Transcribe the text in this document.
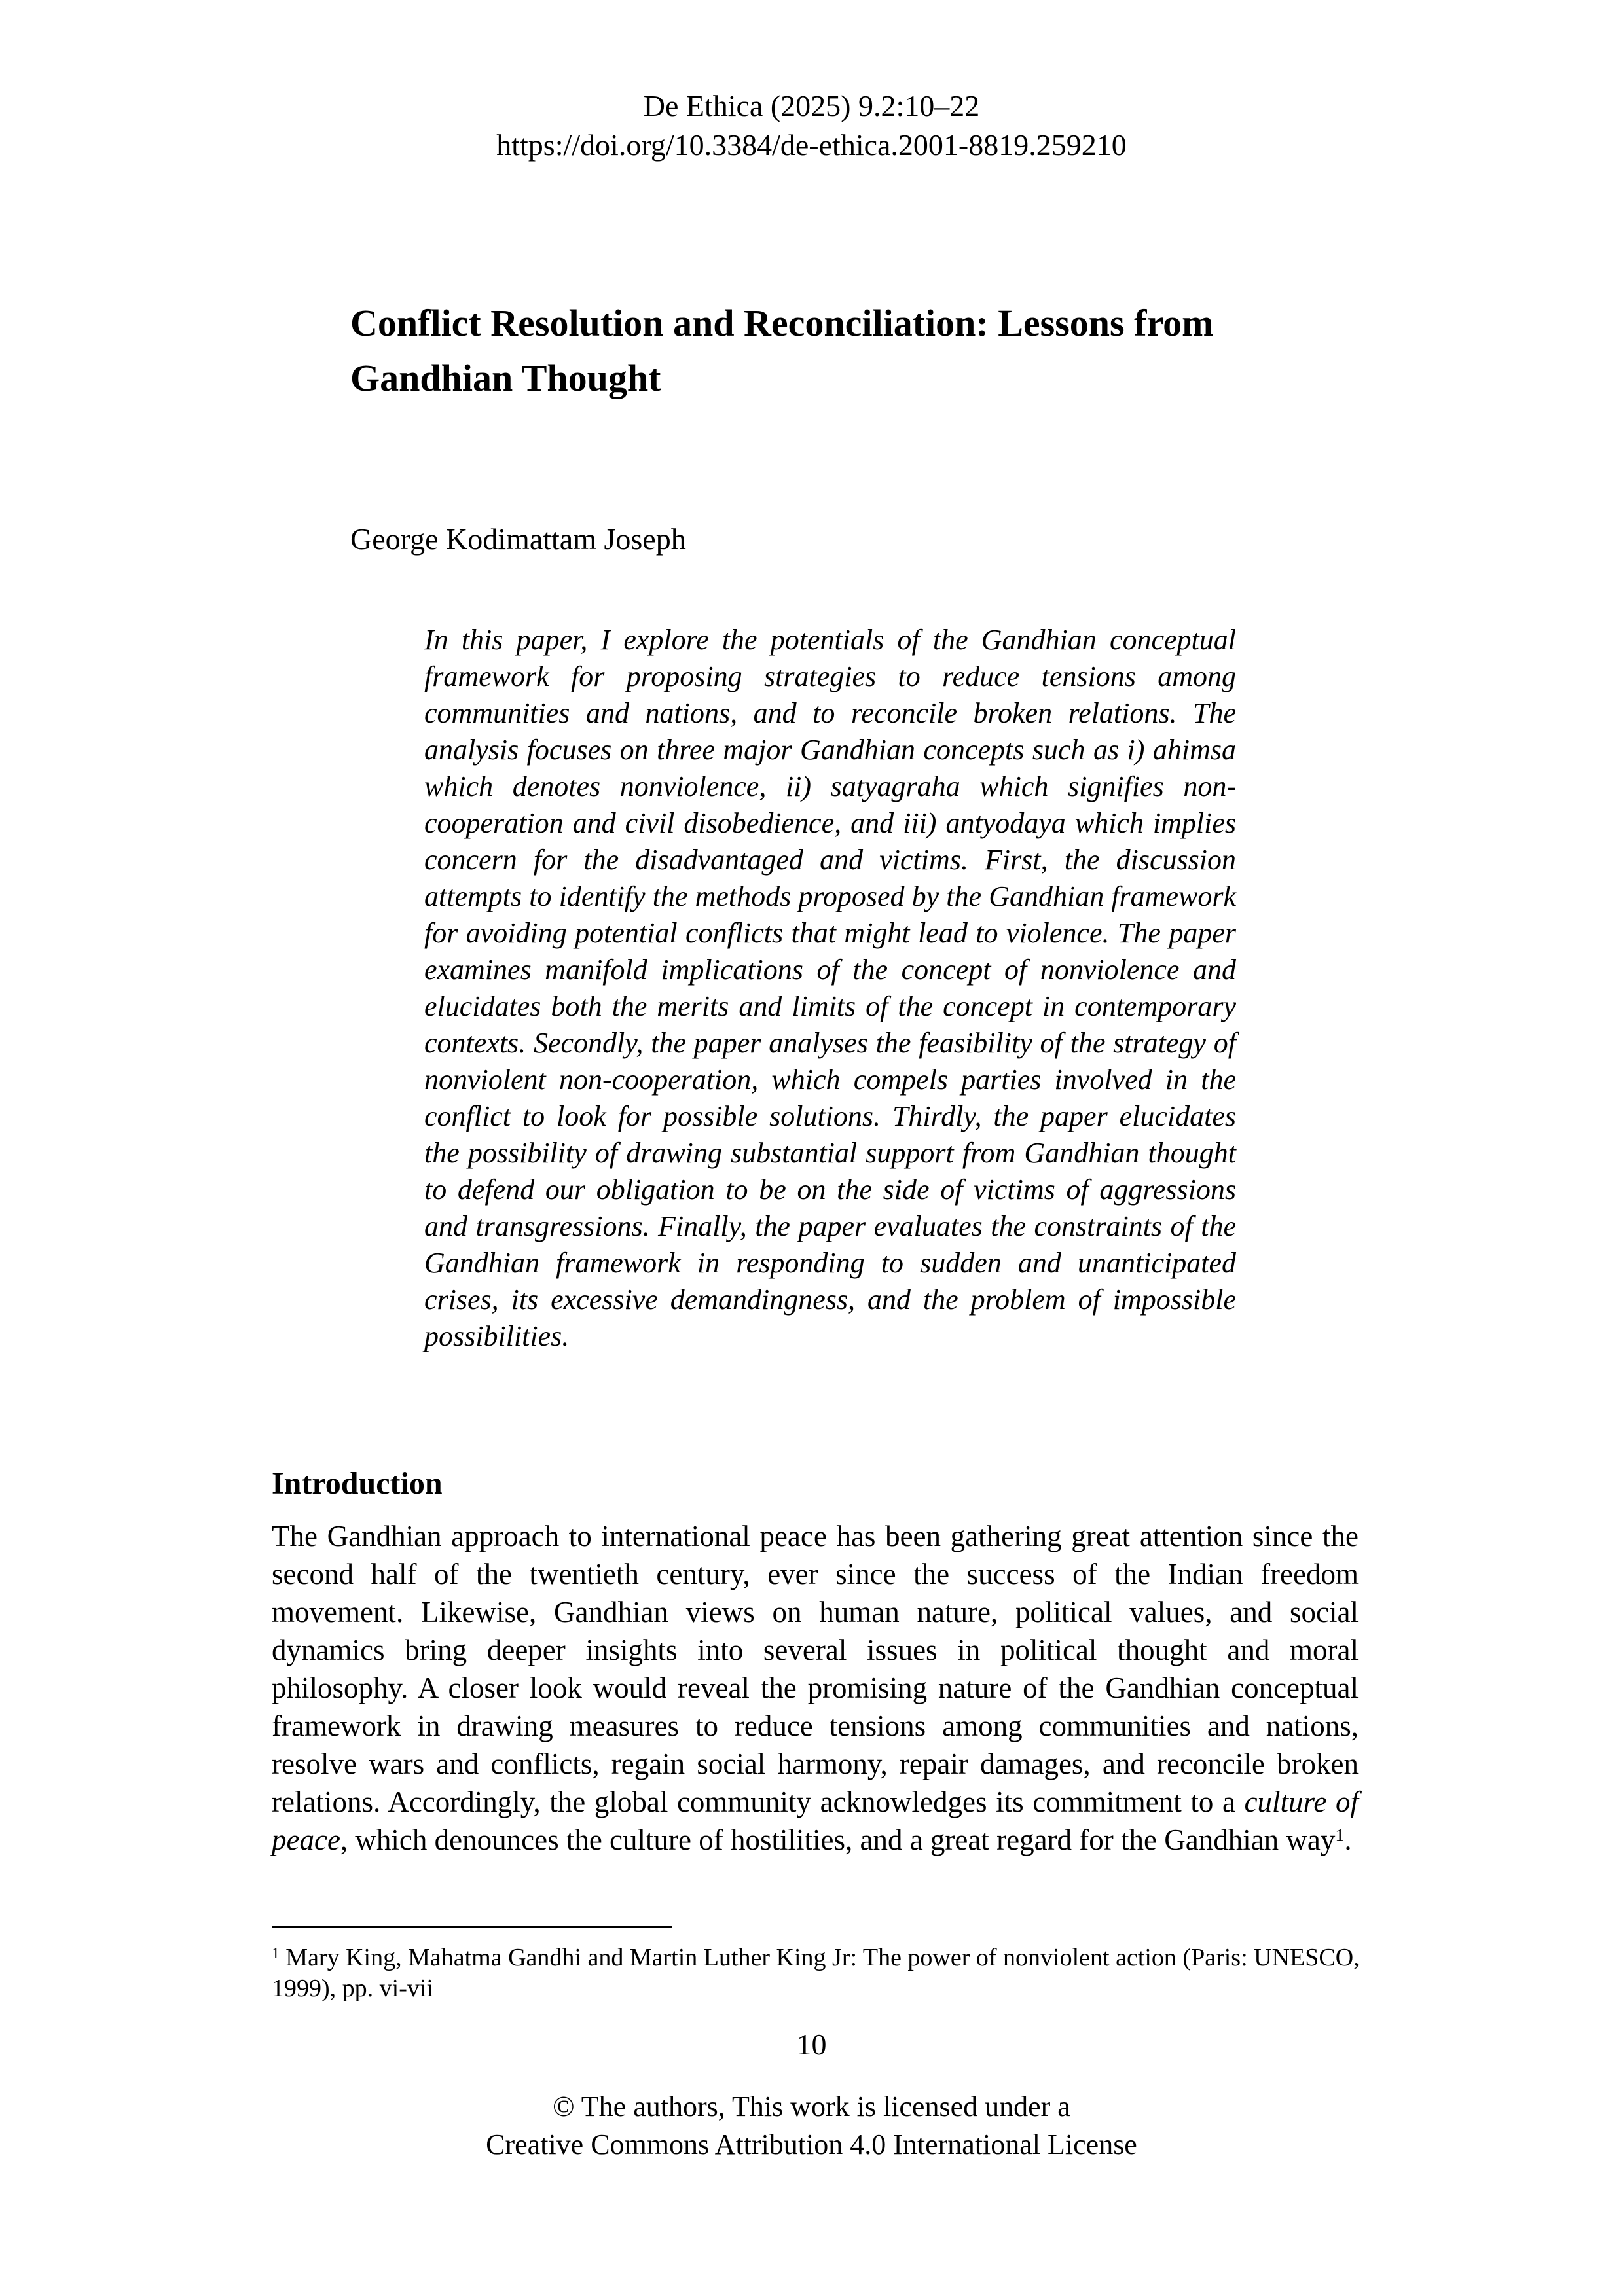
De Ethica (2025) 9.2:10–22
https://doi.org/10.3384/de-ethica.2001-8819.259210
Conflict Resolution and Reconciliation: Lessons from Gandhian Thought
George Kodimattam Joseph
In this paper, I explore the potentials of the Gandhian conceptual framework for proposing strategies to reduce tensions among communities and nations, and to reconcile broken relations. The analysis focuses on three major Gandhian concepts such as i) ahimsa which denotes nonviolence, ii) satyagraha which signifies non-cooperation and civil disobedience, and iii) antyodaya which implies concern for the disadvantaged and victims. First, the discussion attempts to identify the methods proposed by the Gandhian framework for avoiding potential conflicts that might lead to violence. The paper examines manifold implications of the concept of nonviolence and elucidates both the merits and limits of the concept in contemporary contexts. Secondly, the paper analyses the feasibility of the strategy of nonviolent non-cooperation, which compels parties involved in the conflict to look for possible solutions. Thirdly, the paper elucidates the possibility of drawing substantial support from Gandhian thought to defend our obligation to be on the side of victims of aggressions and transgressions. Finally, the paper evaluates the constraints of the Gandhian framework in responding to sudden and unanticipated crises, its excessive demandingness, and the problem of impossible possibilities.
Introduction

The Gandhian approach to international peace has been gathering great attention since the second half of the twentieth century, ever since the success of the Indian freedom movement. Likewise, Gandhian views on human nature, political values, and social dynamics bring deeper insights into several issues in political thought and moral philosophy. A closer look would reveal the promising nature of the Gandhian conceptual framework in drawing measures to reduce tensions among communities and nations, resolve wars and conflicts, regain social harmony, repair damages, and reconcile broken relations. Accordingly, the global community acknowledges its commitment to a culture of peace, which denounces the culture of hostilities, and a great regard for the Gandhian way$^1$.

$^1$ Mary King, Mahatma Gandhi and Martin Luther King Jr: The power of nonviolent action (Paris: UNESCO, 1999), pp. vi-vii
10
© The authors, This work is licensed under a
Creative Commons Attribution 4.0 International License
